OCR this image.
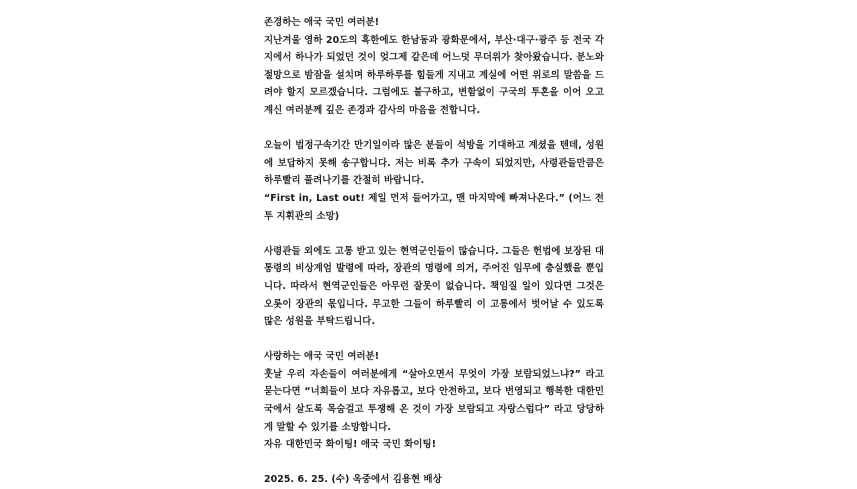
존경하는 애국 국민 여러분!

지난겨울 영하 20도의 혹한에도 한남동과 광화문에서, 부산·대구·광주 등 전국 각지에서 하나가 되었던 것이 엊그제 같은데 어느덧 무더위가 찾아왔습니다. 분노와 절망으로 밤잠을 설치며 하루하루를 힘들게 지내고 계실에 어떤 위로의 말씀을 드려야 할지 모르겠습니다. 그럼에도 불구하고, 변함없이 구국의 투혼을 이어 오고 계신 여러분께 깊은 존경과 감사의 마음을 전합니다.

오늘이 법정구속기간 만기일이라 많은 분들이 석방을 기대하고 계셨을 텐데, 성원에 보답하지 못해 송구합니다. 저는 비록 추가 구속이 되었지만, 사령관들만큼은 하루빨리 풀려나기를 간절히 바랍니다.

“First in, Last out! 제일 먼저 들어가고, 맨 마지막에 빠져나온다.” (어느 전투 지휘관의 소망)

사령관들 외에도 고통 받고 있는 현역군인들이 많습니다. 그들은 헌법에 보장된 대통령의 비상계엄 발령에 따라, 장관의 명령에 의거, 주어진 임무에 충실했을 뿐입니다. 따라서 현역군인들은 아무런 잘못이 없습니다. 책임질 일이 있다면 그것은 오롯이 장관의 몫입니다. 무고한 그들이 하루빨리 이 고통에서 벗어날 수 있도록 많은 성원을 부탁드립니다.

사랑하는 애국 국민 여러분!

훗날 우리 자손들이 여러분에게 “살아오면서 무엇이 가장 보람되었느냐?” 라고 묻는다면 “너희들이 보다 자유롭고, 보다 안전하고, 보다 번영되고 행복한 대한민국에서 살도록 목숨걸고 투쟁해 온 것이 가장 보람되고 자랑스럽다” 라고 당당하게 말할 수 있기를 소망합니다.

자유 대한민국 화이팅! 애국 국민 화이팅!

2025. 6. 25. (수) 옥중에서 김용현 배상
